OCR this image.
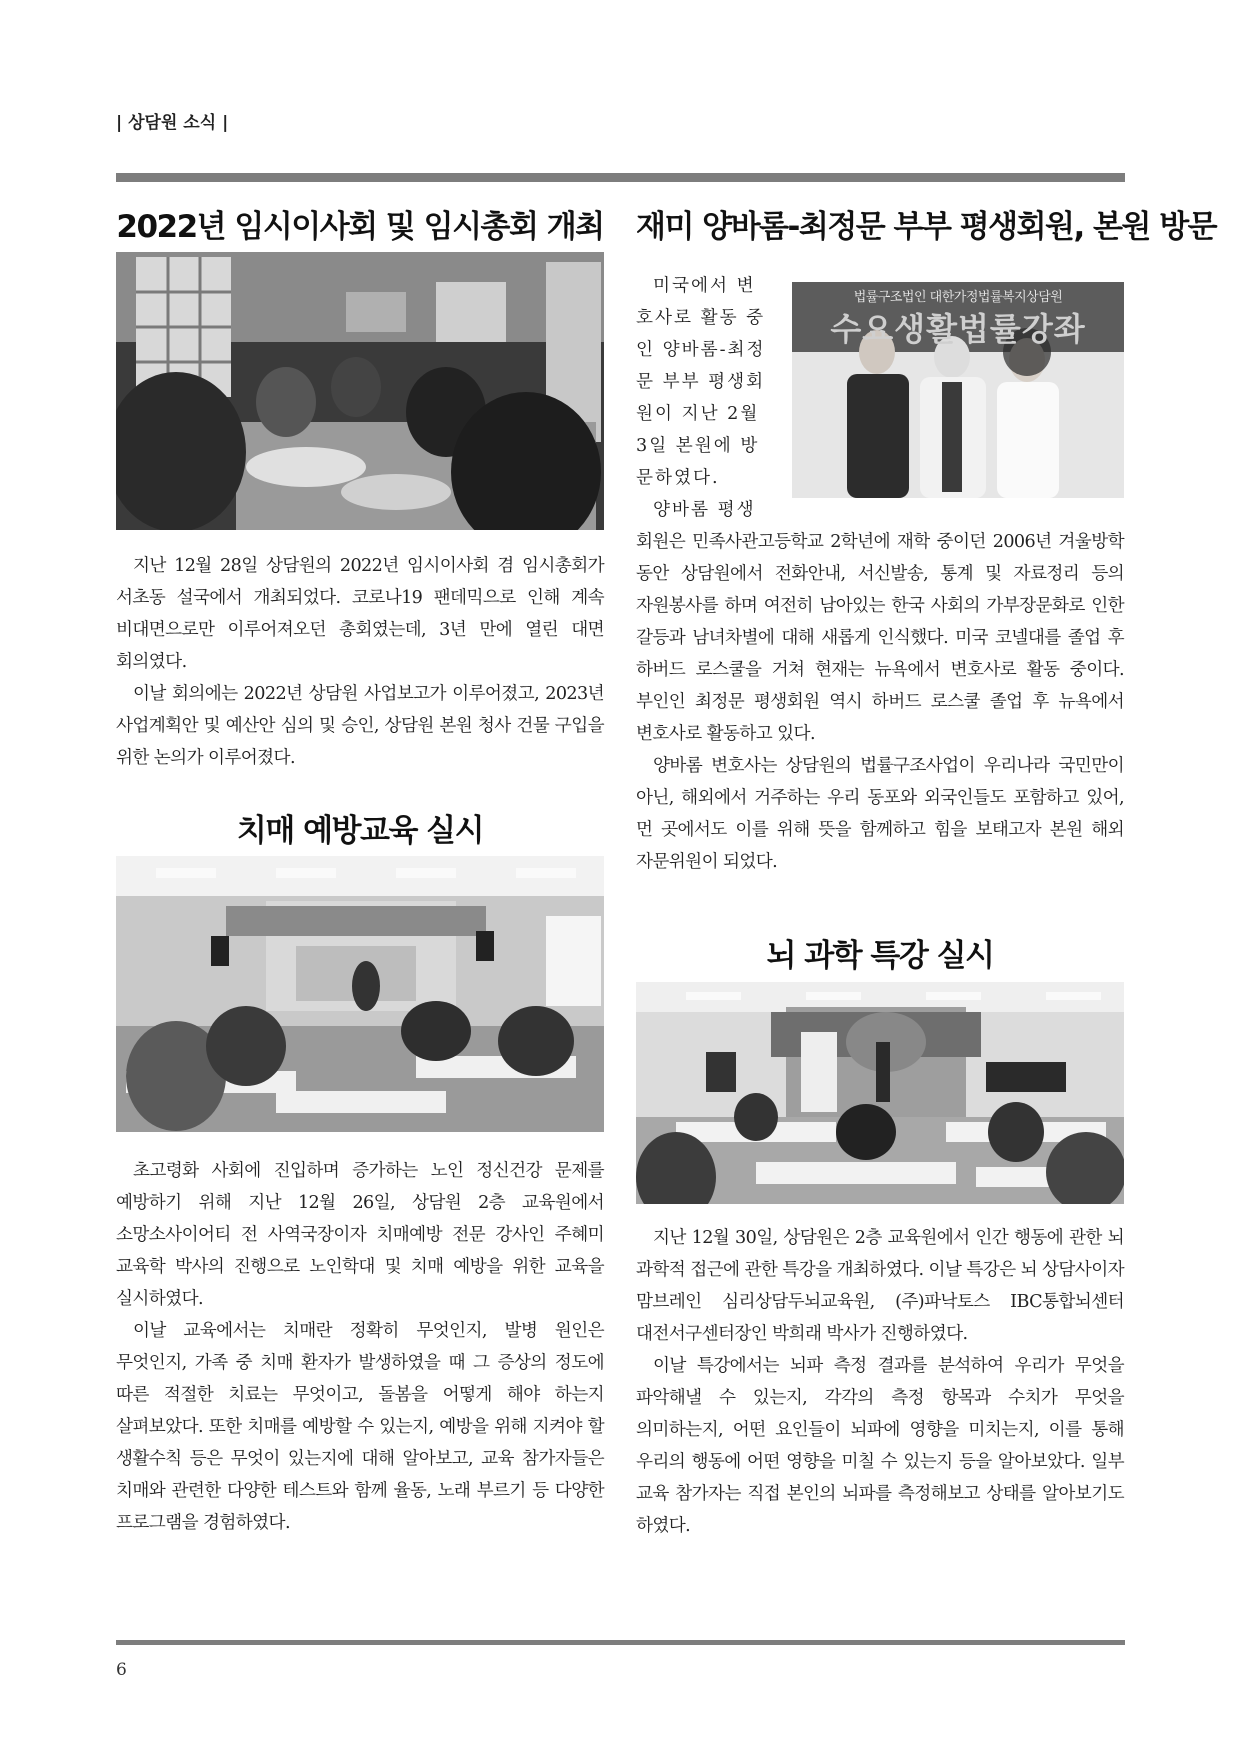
| 상담원 소식 |
2022년 임시이사회 및 임시총회 개최

지난 12월 28일 상담원의 2022년 임시이사회 겸 임시총회가 서초동 설국에서 개최되었다. 코로나19 팬데믹으로 인해 계속 비대면으로만 이루어져오던 총회였는데, 3년 만에 열린 대면 회의였다.

이날 회의에는 2022년 상담원 사업보고가 이루어졌고, 2023년 사업계획안 및 예산안 심의 및 승인, 상담원 본원 청사 건물 구입을 위한 논의가 이루어졌다.

치매 예방교육 실시

초고령화 사회에 진입하며 증가하는 노인 정신건강 문제를 예방하기 위해 지난 12월 26일, 상담원 2층 교육원에서 소망소사이어티 전 사역국장이자 치매예방 전문 강사인 주혜미 교육학 박사의 진행으로 노인학대 및 치매 예방을 위한 교육을 실시하였다.

이날 교육에서는 치매란 정확히 무엇인지, 발병 원인은 무엇인지, 가족 중 치매 환자가 발생하였을 때 그 증상의 정도에 따른 적절한 치료는 무엇이고, 돌봄을 어떻게 해야 하는지 살펴보았다. 또한 치매를 예방할 수 있는지, 예방을 위해 지켜야 할 생활수칙 등은 무엇이 있는지에 대해 알아보고, 교육 참가자들은 치매와 관련한 다양한 테스트와 함께 율동, 노래 부르기 등 다양한 프로그램을 경험하였다.

재미 양바롬-최정문 부부 평생회원, 본원 방문
미국에서 변
호사로 활동 중
인 양바롬-최정
문 부부 평생회
원이 지난 2월
3일 본원에 방
문하였다.
양바롬 평생
법률구조법인 대한가정법률복지상담원
수요생활법률강좌

회원은 민족사관고등학교 2학년에 재학 중이던 2006년 겨울방학 동안 상담원에서 전화안내, 서신발송, 통계 및 자료정리 등의 자원봉사를 하며 여전히 남아있는 한국 사회의 가부장문화로 인한 갈등과 남녀차별에 대해 새롭게 인식했다. 미국 코넬대를 졸업 후 하버드 로스쿨을 거쳐 현재는 뉴욕에서 변호사로 활동 중이다. 부인인 최정문 평생회원 역시 하버드 로스쿨 졸업 후 뉴욕에서 변호사로 활동하고 있다.

양바롬 변호사는 상담원의 법률구조사업이 우리나라 국민만이 아닌, 해외에서 거주하는 우리 동포와 외국인들도 포함하고 있어, 먼 곳에서도 이를 위해 뜻을 함께하고 힘을 보태고자 본원 해외 자문위원이 되었다.

뇌 과학 특강 실시

지난 12월 30일, 상담원은 2층 교육원에서 인간 행동에 관한 뇌 과학적 접근에 관한 특강을 개최하였다. 이날 특강은 뇌 상담사이자 맘브레인 심리상담두뇌교육원, (주)파낙토스 IBC통합뇌센터 대전서구센터장인 박희래 박사가 진행하였다.

이날 특강에서는 뇌파 측정 결과를 분석하여 우리가 무엇을 파악해낼 수 있는지, 각각의 측정 항목과 수치가 무엇을 의미하는지, 어떤 요인들이 뇌파에 영향을 미치는지, 이를 통해 우리의 행동에 어떤 영향을 미칠 수 있는지 등을 알아보았다. 일부 교육 참가자는 직접 본인의 뇌파를 측정해보고 상태를 알아보기도 하였다.

6
